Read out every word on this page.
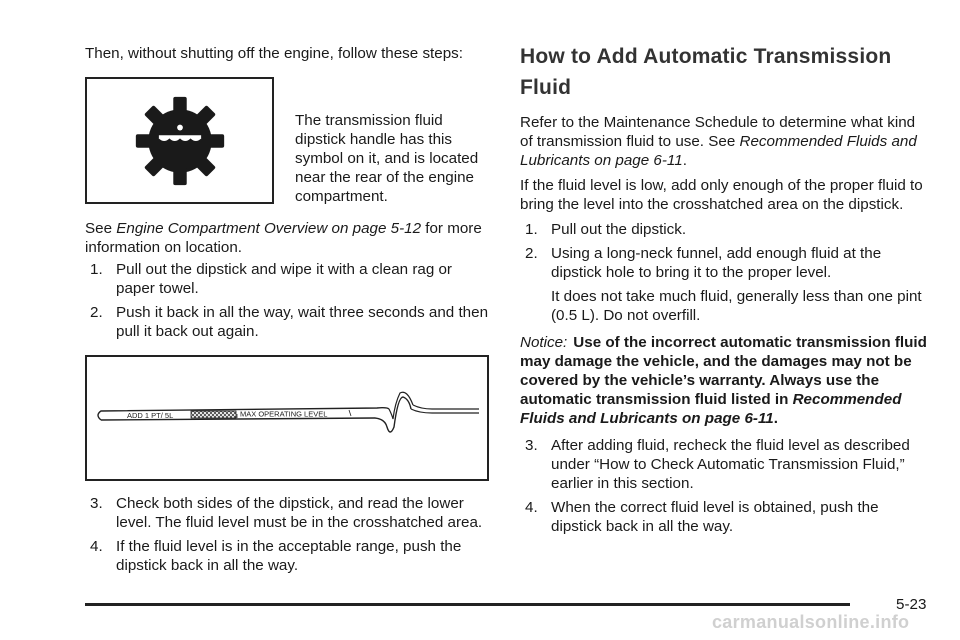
Then, without shutting off the engine, follow these steps:

The transmission fluid dipstick handle has this symbol on it, and is located near the rear of the engine compartment.

See Engine Compartment Overview on page 5-12 for more information on location.

1. Pull out the dipstick and wipe it with a clean rag or paper towel.
2. Push it back in all the way, wait three seconds and then pull it back out again.
ADD 1 PT/ 5L	MAX OPERATING LEVEL
3. Check both sides of the dipstick, and read the lower level. The fluid level must be in the crosshatched area.
4. If the fluid level is in the acceptable range, push the dipstick back in all the way.
How to Add Automatic Transmission Fluid

Refer to the Maintenance Schedule to determine what kind of transmission fluid to use. See Recommended Fluids and Lubricants on page 6-11.

If the fluid level is low, add only enough of the proper fluid to bring the level into the crosshatched area on the dipstick.

1. Pull out the dipstick.
2. Using a long-neck funnel, add enough fluid at the dipstick hole to bring it to the proper level.

It does not take much fluid, generally less than one pint (0.5 L). Do not overfill.

Notice: Use of the incorrect automatic transmission fluid may damage the vehicle, and the damages may not be covered by the vehicle’s warranty. Always use the automatic transmission fluid listed in Recommended Fluids and Lubricants on page 6-11.

3. After adding fluid, recheck the fluid level as described under “How to Check Automatic Transmission Fluid,” earlier in this section.
4. When the correct fluid level is obtained, push the dipstick back in all the way.
5-23
carmanualsonline.info
